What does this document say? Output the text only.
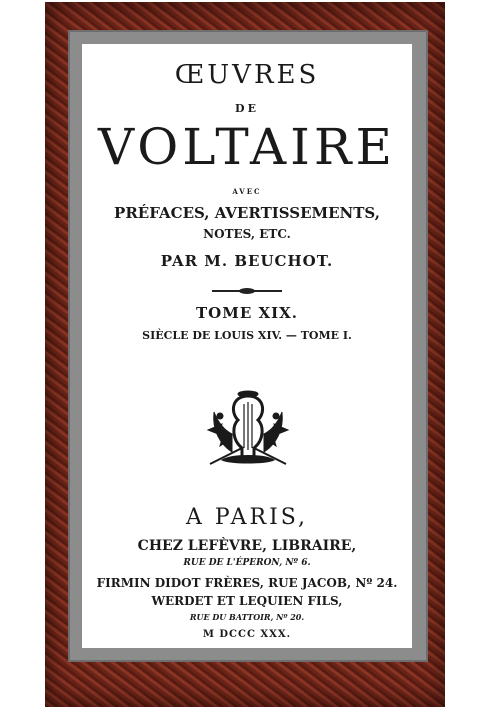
ŒUVRES
DE
VOLTAIRE
AVEC
PRÉFACES, AVERTISSEMENTS,
NOTES, ETC.
PAR M. BEUCHOT.
TOME XIX.
SIÈCLE DE LOUIS XIV. — TOME I.
A PARIS,
CHEZ LEFÈVRE, LIBRAIRE,
RUE DE L'ÉPERON, Nº 6.
FIRMIN DIDOT FRÈRES, RUE JACOB, Nº 24.
WERDET ET LEQUIEN FILS,
RUE DU BATTOIR, Nº 20.
M DCCC XXX.
